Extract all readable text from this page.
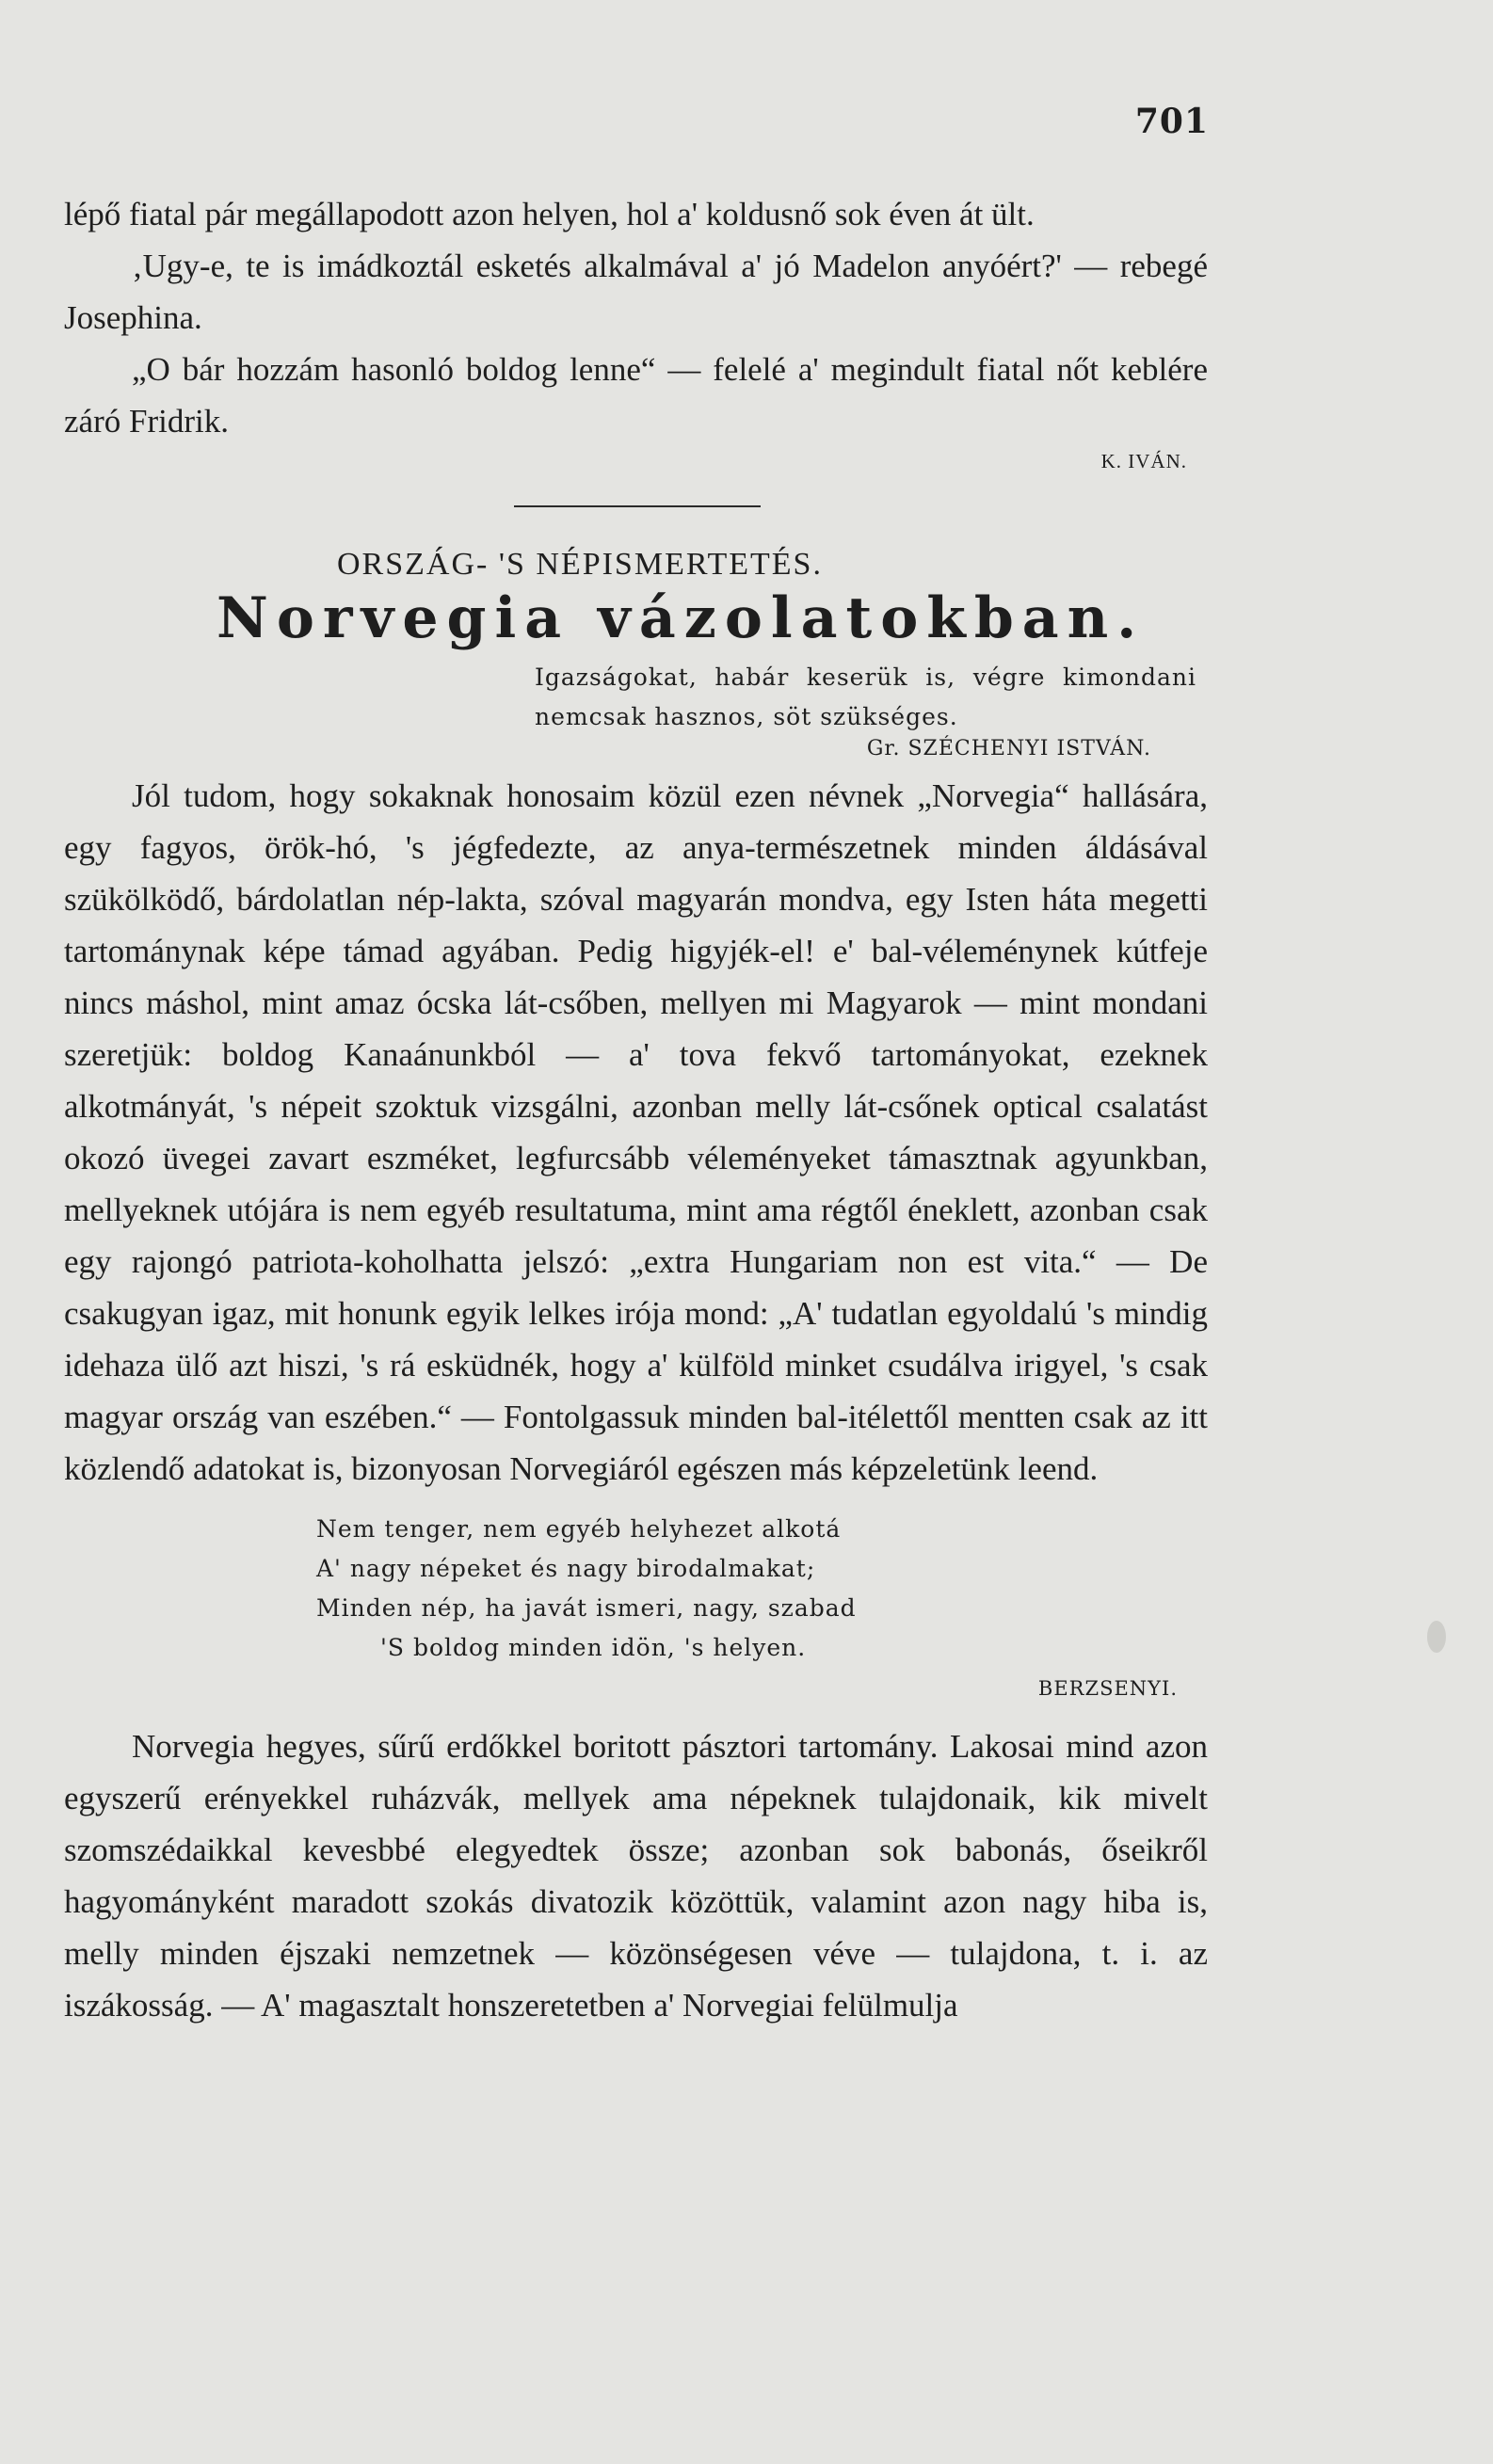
701

lépő fiatal pár megállapodott azon helyen, hol a' koldusnő sok éven át ült.

‚Ugy-e, te is imádkoztál esketés alkalmával a' jó Madelon anyóért?' — rebegé Josephina.

„O bár hozzám hasonló boldog lenne“ — felelé a' megindult fiatal nőt keblére záró Fridrik.

K. IVÁN.
ORSZÁG- 'S NÉPISMERTETÉS.
Norvegia vázolatokban.
Igazságokat, habár keserük is, végre kimondani nemcsak hasznos, söt szükséges.
Gr. SZÉCHENYI ISTVÁN.

Jól tudom, hogy sokaknak honosaim közül ezen névnek „Norvegia“ hallására, egy fagyos, örök-hó, 's jégfedezte, az anya-természetnek minden áldásával szükölködő, bárdolatlan nép-lakta, szóval magyarán mondva, egy Isten háta megetti tartománynak képe támad agyában. Pedig higyjék-el! e' bal-véleménynek kútfeje nincs máshol, mint amaz ócska lát-csőben, mellyen mi Magyarok — mint mondani szeretjük: boldog Kanaánunkból — a' tova fekvő tartományokat, ezeknek alkotmányát, 's népeit szoktuk vizsgálni, azonban melly lát-csőnek optical csalatást okozó üvegei zavart eszméket, legfurcsább véleményeket támasztnak agyunkban, mellyeknek utójára is nem egyéb resultatuma, mint ama régtől éneklett, azonban csak egy rajongó patriota-koholhatta jelszó: „extra Hungariam non est vita.“ — De csakugyan igaz, mit honunk egyik lelkes irója mond: „A' tudatlan egyoldalú 's mindig idehaza ülő azt hiszi, 's rá esküdnék, hogy a' külföld minket csudálva irigyel, 's csak magyar ország van eszében.“ — Fontolgassuk minden bal-itélettől mentten csak az itt közlendő adatokat is, bizonyosan Norvegiáról egészen más képzeletünk leend.

Nem tenger, nem egyéb helyhezet alkotá
A' nagy népeket és nagy birodalmakat;
Minden nép, ha javát ismeri, nagy, szabad
'S boldog minden idön, 's helyen.
BERZSENYI.

Norvegia hegyes, sűrű erdőkkel boritott pásztori tartomány. Lakosai mind azon egyszerű erényekkel ruházvák, mellyek ama népeknek tulajdonaik, kik mivelt szomszédaikkal kevesbbé elegyedtek össze; azonban sok babonás, őseikről hagyományként maradott szokás divatozik közöttük, valamint azon nagy hiba is, melly minden éjszaki nemzetnek — közönségesen véve — tulajdona, t. i. az iszákosság. — A' magasztalt honszeretetben a' Norvegiai felülmulja
